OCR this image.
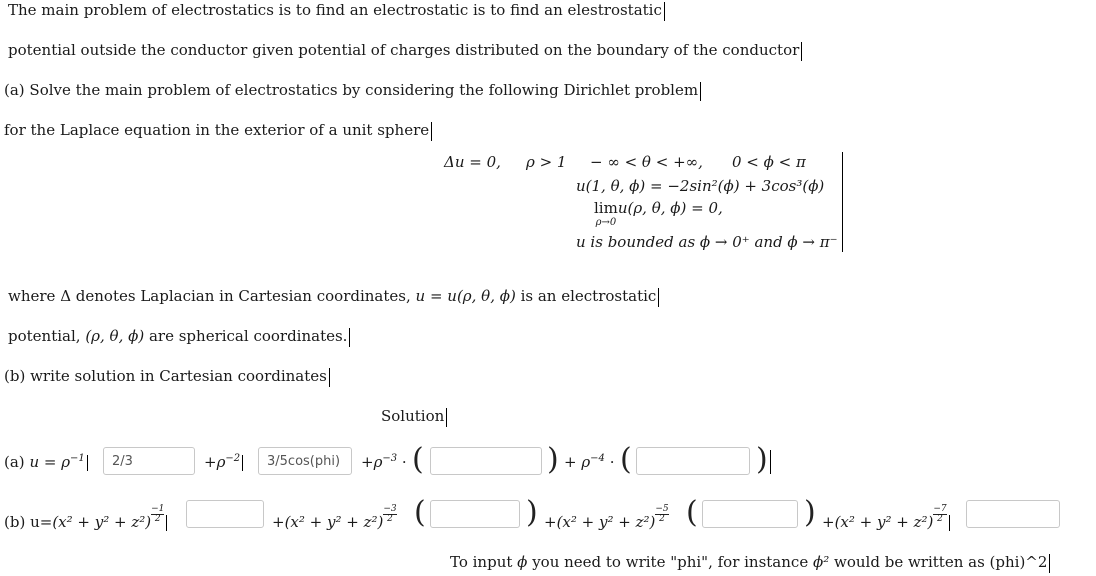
The main problem of electrostatics is to find an electrostatic is to find an elestrostatic
potential outside the conductor given potential of charges distributed on the boundary of the conductor
(a) Solve the main problem of electrostatics by considering the following Dirichlet problem
for the Laplace equation in the exterior of a unit sphere
Δu = 0, ρ > 1 − ∞ < θ < +∞, 0 < ϕ < π
u(1, θ, ϕ) = −2sin²(ϕ) + 3cos³(ϕ)
lim

ρ→0
u(ρ, θ, ϕ) = 0,
u is bounded as ϕ → 0⁺ and ϕ → π⁻
where Δ denotes Laplacian in Cartesian coordinates, u = u(ρ, θ, ϕ) is an electrostatic
potential, (ρ, θ, ϕ) are spherical coordinates.
(b) write solution in Cartesian coordinates
Solution
(a) $u = \rho^{-1}$
2/3	$+\rho^{-2}$
3/5cos(phi)	$+\rho^{-3}$ · (	) + $\rho^{-4}$ · (	)
(b) $u=(x^2 + y^2 + z^2) \frac{-1}{2}$	$+(x^2 + y^2 + z^2) \frac{-3}{2}$ (	) $+(x^2 + y^2 + z^2) \frac{-5}{2}$ (	) $+(x^2 + y^2 + z^2) \frac{-7}{2}$
To input ϕ you need to write "phi", for instance ϕ² would be written as (phi)^2
